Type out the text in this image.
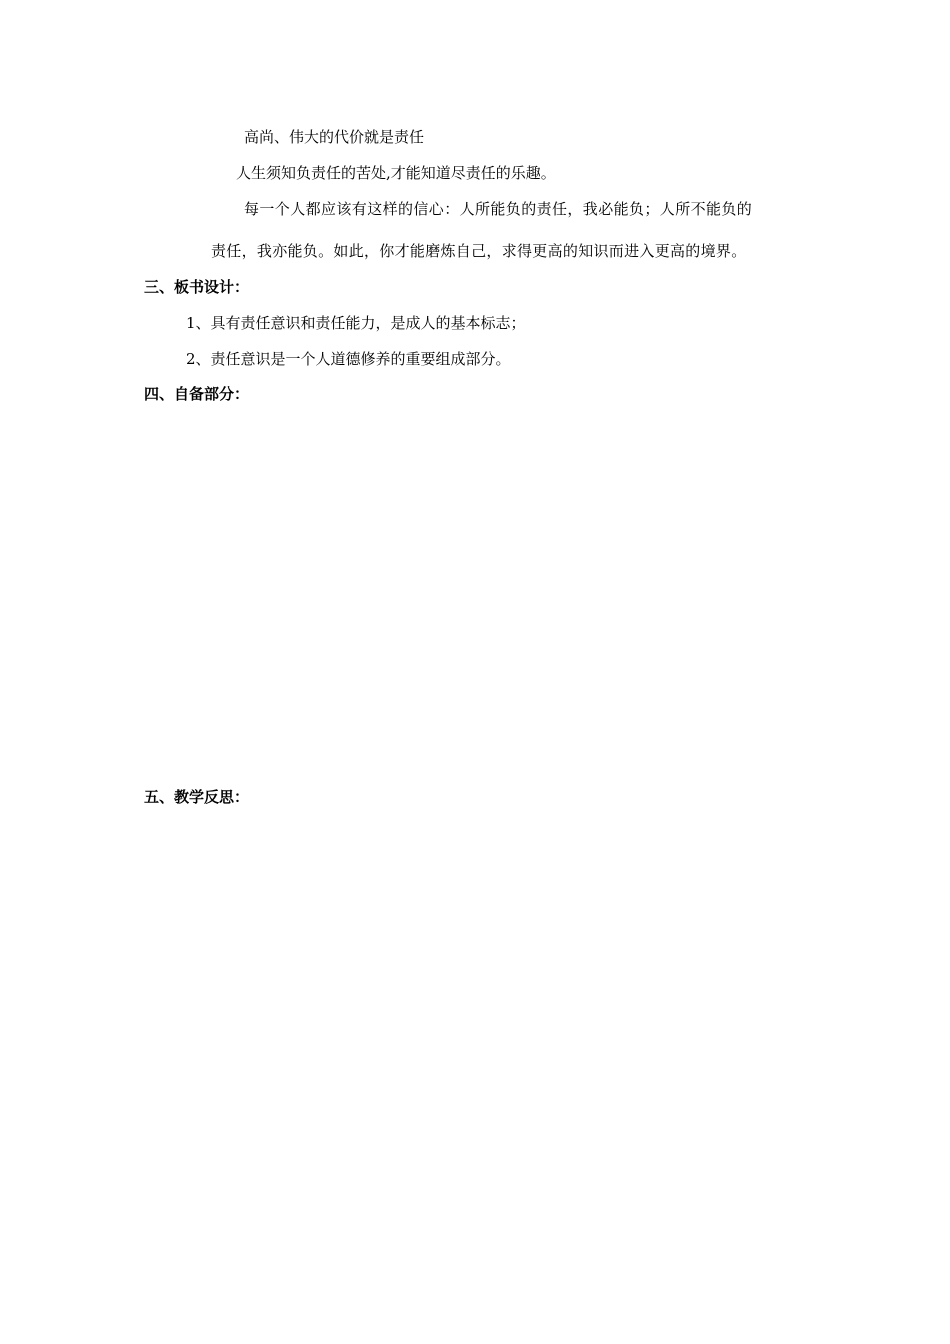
高尚、伟大的代价就是责任
人生须知负责任的苦处,才能知道尽责任的乐趣。
每一个人都应该有这样的信心：人所能负的责任，我必能负；人所不能负的
责任，我亦能负。如此，你才能磨炼自己，求得更高的知识而进入更高的境界。
三、板书设计：
1、具有责任意识和责任能力，是成人的基本标志；
2、责任意识是一个人道德修养的重要组成部分。
四、自备部分：
五、教学反思：
